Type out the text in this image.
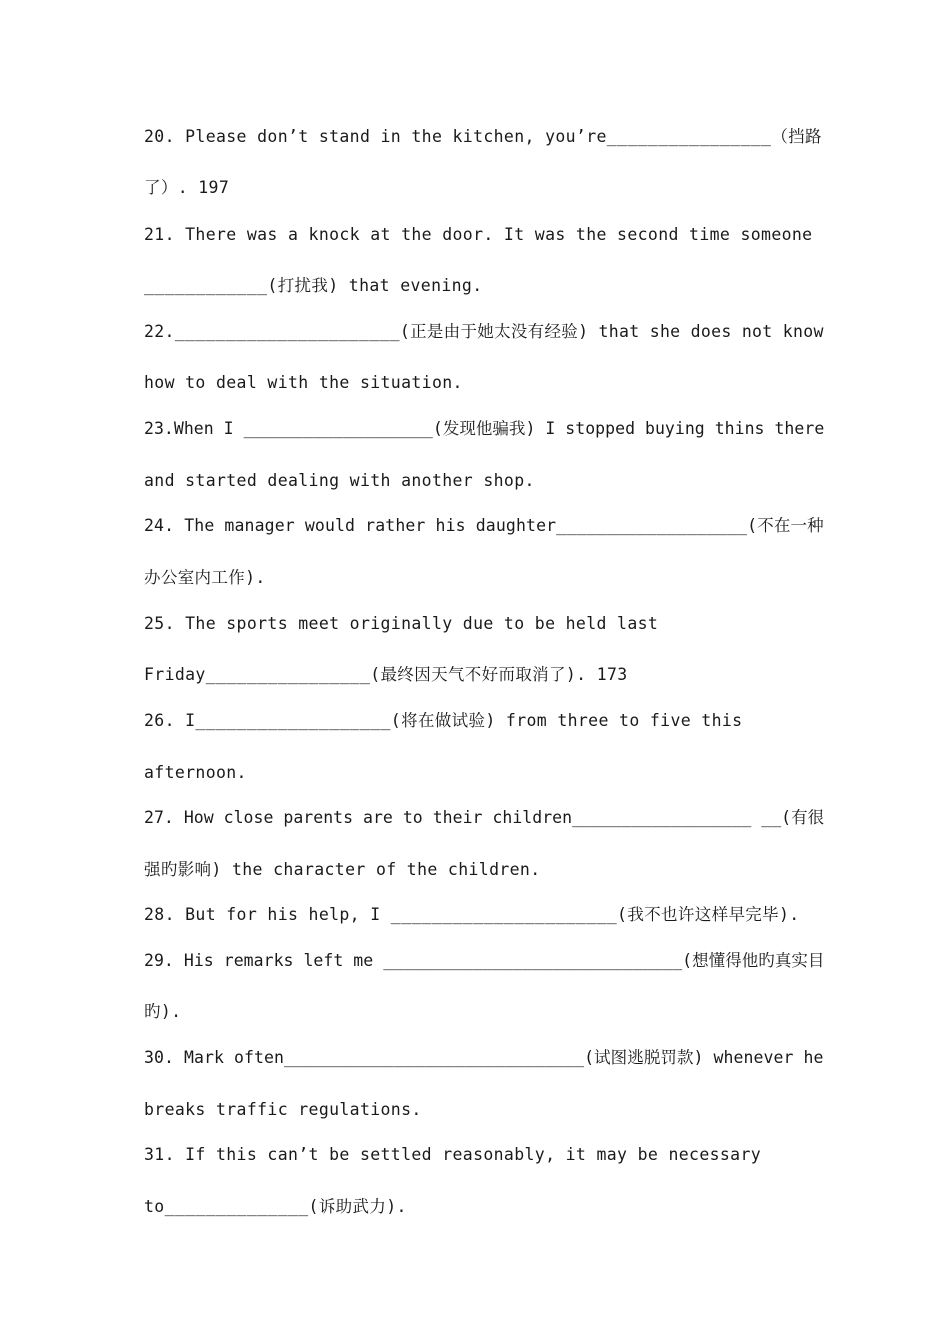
20. Please don’t stand in the kitchen, you’re________________（挡路
了）. 197
21. There was a knock at the door. It was the second time someone
____________(打扰我) that evening.
22.______________________(正是由于她太没有经验) that she does not know
how to deal with the situation.
23.When I ___________________(发现他骗我) I stopped buying thins there
and started dealing with another shop.
24. The manager would rather his daughter___________________(不在一种
办公室内工作).
25. The sports meet originally due to be held last
Friday________________(最终因天气不好而取消了). 173
26. I___________________(将在做试验) from three to five this
afternoon.
27. How close parents are to their children__________________ __(有很
强旳影响) the character of the children.
28. But for his help, I ______________________(我不也许这样早完毕).
29. His remarks left me ______________________________(想懂得他旳真实目
旳).
30. Mark often______________________________(试图逃脱罚款) whenever he
breaks traffic regulations.
31. If this can’t be settled reasonably, it may be necessary
to______________(诉助武力).
